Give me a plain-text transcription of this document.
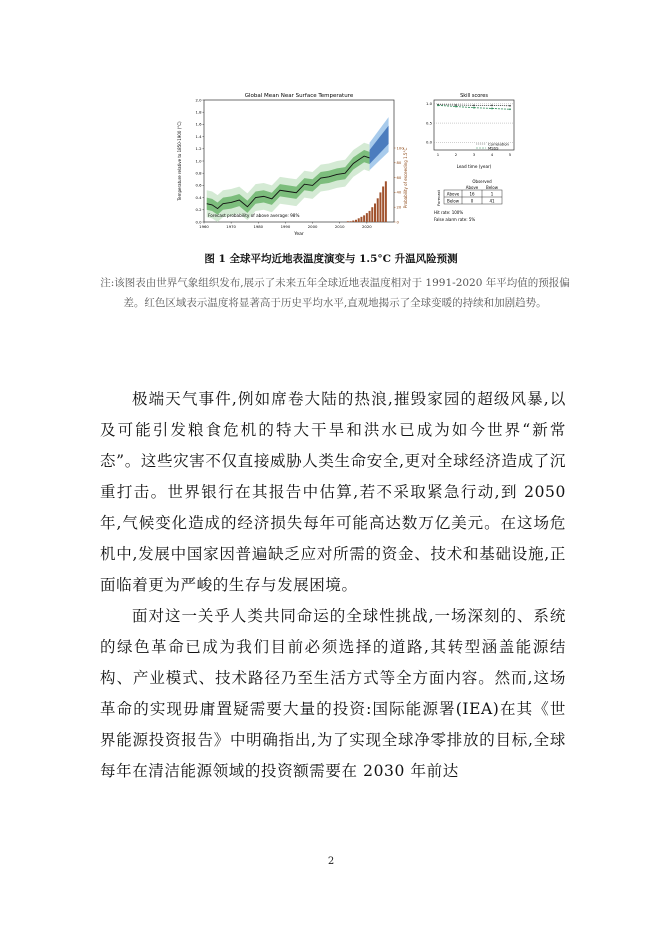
Global Mean Near Surface Temperature
Temperature relative to 1850-1900 (°C)
Year
Probability of exceeding 1.5°C
0.0
0.2
0.4
0.6
0.8
1.0
1.2
1.4
1.6
1.8
2.0
1960	1970	1980	1990	2000	2010	2020
0
20
40
60
80
100
Forecast probability of above average: 98%
Skill scores
1.0
0.5
0.0
1	2	3	4	5
Lead time (year)
Correlation
MSSS
Observed
Above Below
Forecast Above	16	1
Below	0	41
Hit rate: 100%
False alarm rate: 5%
图 1 全球平均近地表温度演变与 1.5°C 升温风险预测
注:该图表由世界气象组织发布,展示了未来五年全球近地表温度相对于 1991-2020 年平均值的预报偏差。红色区域表示温度将显著高于历史平均水平,直观地揭示了全球变暖的持续和加剧趋势。

极端天气事件,例如席卷大陆的热浪,摧毁家园的超级风暴,以及可能引发粮食危机的特大干旱和洪水已成为如今世界“新常态”。这些灾害不仅直接威胁人类生命安全,更对全球经济造成了沉重打击。世界银行在其报告中估算,若不采取紧急行动,到 2050 年,气候变化造成的经济损失每年可能高达数万亿美元。在这场危机中,发展中国家因普遍缺乏应对所需的资金、技术和基础设施,正面临着更为严峻的生存与发展困境。

面对这一关乎人类共同命运的全球性挑战,一场深刻的、系统的绿色革命已成为我们目前必须选择的道路,其转型涵盖能源结构、产业模式、技术路径乃至生活方式等全方面内容。然而,这场革命的实现毋庸置疑需要大量的投资:国际能源署(IEA)在其《世界能源投资报告》中明确指出,为了实现全球净零排放的目标,全球每年在清洁能源领域的投资额需要在 2030 年前达

2
